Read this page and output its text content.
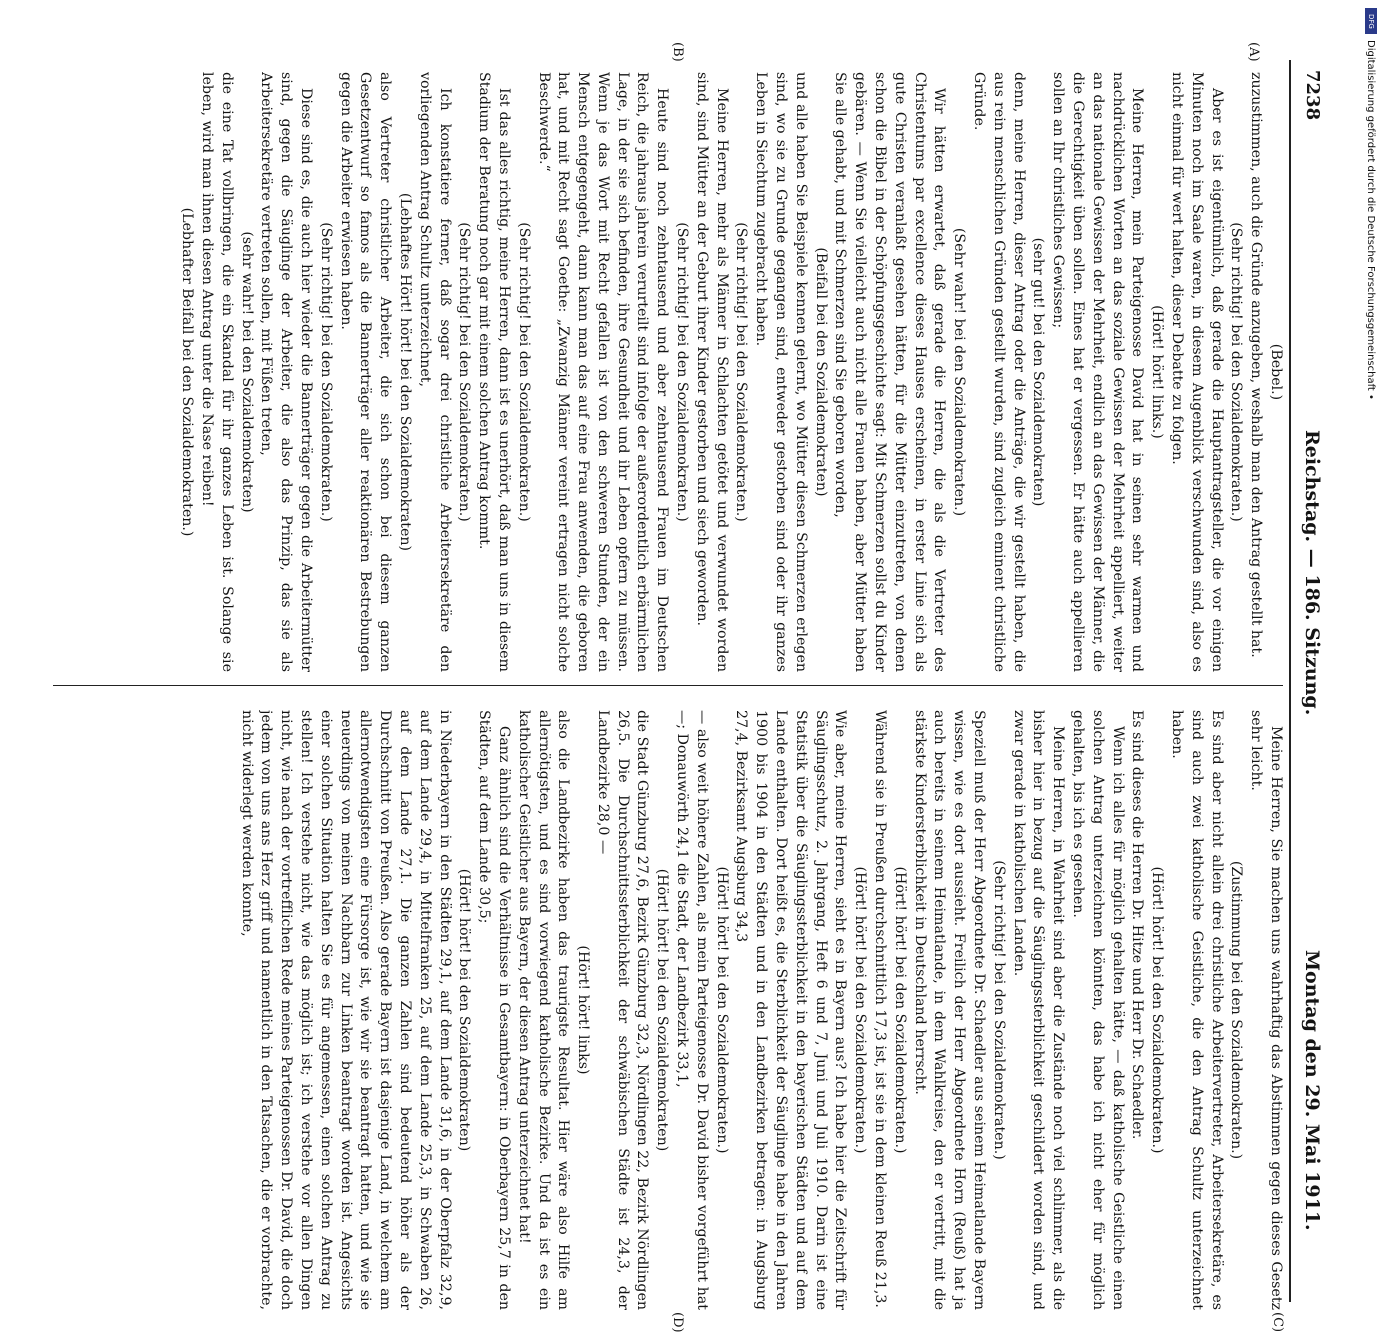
7238
Reichstag. — 186. Sitzung.
Montag den 29. Mai 1911.
(A)
(B)
(C)
(D)

(Bebel.)

zuzustimmen, auch die Gründe anzugeben, weshalb man den Antrag gestellt hat.

(Sehr richtig! bei den Sozialdemokraten.)

Aber es ist eigentümlich, daß gerade die Hauptantragsteller, die vor einigen Minuten noch im Saale waren, in diesem Augenblick verschwunden sind, also es nicht einmal für wert halten, dieser Debatte zu folgen.

(Hört! hört! links.)

Meine Herren, mein Parteigenosse David hat in seinen sehr warmen und nachdrücklichen Worten an das soziale Gewissen der Mehrheit appelliert, weiter an das nationale Gewissen der Mehrheit, endlich an das Gewissen der Männer, die die Gerechtigkeit üben sollen. Eines hat er vergessen. Er hätte auch appellieren sollen an Ihr christliches Gewissen;

(sehr gut! bei den Sozialdemokraten)

denn, meine Herren, dieser Antrag oder die Anträge, die wir gestellt haben, die aus rein menschlichen Gründen gestellt wurden, sind zugleich eminent christliche Gründe.

(Sehr wahr! bei den Sozialdemokraten.)

Wir hätten erwartet, daß gerade die Herren, die als die Vertreter des Christentums par excellence dieses Hauses erscheinen, in erster Linie sich als gute Christen veranlaßt gesehen hätten, für die Mütter einzutreten, von denen schon die Bibel in der Schöpfungsgeschichte sagt: Mit Schmerzen sollst du Kinder gebären. — Wenn Sie vielleicht auch nicht alle Frauen haben, aber Mütter haben Sie alle gehabt, und mit Schmerzen sind Sie geboren worden,

(Beifall bei den Sozialdemokraten)

und alle haben Sie Beispiele kennen gelernt, wo Mütter diesen Schmerzen erlegen sind, wo sie zu Grunde gegangen sind, entweder gestorben sind oder ihr ganzes Leben in Siechtum zugebracht haben.

(Sehr richtig! bei den Sozialdemokraten.)

Meine Herren, mehr als Männer in Schlachten getötet und verwundet worden sind, sind Mütter an der Geburt ihrer Kinder gestorben und siech geworden.

(Sehr richtig! bei den Sozialdemokraten.)

Heute sind noch zehntausend und aber zehntausend Frauen im Deutschen Reich, die jahraus jahrein verurteilt sind infolge der außerordentlich erbärmlichen Lage, in der sie sich befinden, ihre Gesundheit und ihr Leben opfern zu müssen. Wenn je das Wort mit Recht gefallen ist von den schweren Stunden, der ein Mensch entgegengeht, dann kann man das auf eine Frau anwenden, die geboren hat, und mit Recht sagt Goethe: „Zwanzig Männer vereint ertragen nicht solche Beschwerde.“

(Sehr richtig! bei den Sozialdemokraten.)

Ist das alles richtig, meine Herren, dann ist es unerhört, daß man uns in diesem Stadium der Beratung noch gar mit einem solchen Antrag kommt.

(Sehr richtig! bei den Sozialdemokraten.)

Ich konstatiere ferner, daß sogar drei christliche Arbeitersekretäre den vorliegenden Antrag Schultz unterzeichnet,

(Lebhaftes Hört! hört! bei den Sozialdemokraten)

also Vertreter christlicher Arbeiter, die sich schon bei diesem ganzen Gesetzentwurf so famos als die Bannerträger aller reaktionären Bestrebungen gegen die Arbeiter erwiesen haben.

(Sehr richtig! bei den Sozialdemokraten.)

Diese sind es, die auch hier wieder die Bannerträger gegen die Arbeitermütter sind, gegen die Säuglinge der Arbeiter, die also das Prinzip, das sie als Arbeitersekretäre vertreten sollen, mit Füßen treten,

(sehr wahr! bei den Sozialdemokraten)

die eine Tat vollbringen, die ein Skandal für ihr ganzes Leben ist. Solange sie leben, wird man ihnen diesen Antrag unter die Nase reiben!

(Lebhafter Beifall bei den Sozialdemokraten.)

Meine Herren, Sie machen uns wahrhaftig das Abstimmen gegen dieses Gesetz sehr leicht.

(Zustimmung bei den Sozialdemokraten.)

Es sind aber nicht allein drei christliche Arbeitervertreter, Arbeitersekretäre, es sind auch zwei katholische Geistliche, die den Antrag Schultz unterzeichnet haben.

(Hört! hört! bei den Sozialdemokraten.)

Es sind dieses die Herren Dr. Hitze und Herr Dr. Schaedler.

Wenn ich alles für möglich gehalten hätte, — daß katholische Geistliche einen solchen Antrag unterzeichnen könnten, das habe ich nicht eher für möglich gehalten, bis ich es gesehen.

Meine Herren, in Wahrheit sind aber die Zustände noch viel schlimmer, als die bisher hier in bezug auf die Säuglingssterblichkeit geschildert worden sind, und zwar gerade in katholischen Landen.

(Sehr richtig! bei den Sozialdemokraten.)

Speziell muß der Herr Abgeordnete Dr. Schaedler aus seinem Heimatlande Bayern wissen, wie es dort aussieht. Freilich der Herr Abgeordnete Horn (Reuß) hat ja auch bereits in seinem Heimatlande, in dem Wahlkreise, den er vertritt, mit die stärkste Kindersterblichkeit in Deutschland herrscht.

(Hört! hört! bei den Sozialdemokraten.)

Während sie in Preußen durchschnittlich 17,3 ist, ist sie in dem kleinen Reuß 21,3.

(Hört! hört! bei den Sozialdemokraten.)

Wie aber, meine Herren, sieht es in Bayern aus? Ich habe hier die Zeitschrift für Säuglingsschutz, 2. Jahrgang, Heft 6 und 7, Juni und Juli 1910. Darin ist eine Statistik über die Säuglingssterblichkeit in den bayerischen Städten und auf dem Lande enthalten. Dort heißt es, die Sterblichkeit der Säuglinge habe in den Jahren 1900 bis 1904 in den Städten und in den Landbezirken betragen: in Augsburg 27,4, Bezirksamt Augsburg 34,3

(Hört! hört! bei den Sozialdemokraten.)

— also weit höhere Zahlen, als mein Parteigenosse Dr. David bisher vorgeführt hat —; Donauwörth 24,1 die Stadt, der Landbezirk 33,1,

(Hört! hört! bei den Sozialdemokraten)

die Stadt Günzburg 27,6, Bezirk Günzburg 32,3, Nördlingen 22, Bezirk Nördlingen 26,5. Die Durchschnittssterblichkeit der schwäbischen Städte ist 24,3, der Landbezirke 28,0 —

(Hört! hört! links)

also die Landbezirke haben das traurigste Resultat. Hier wäre also Hilfe am allernötigsten, und es sind vorwiegend katholische Bezirke. Und da ist es ein katholischer Geistlicher aus Bayern, der diesen Antrag unterzeichnet hat!

Ganz ähnlich sind die Verhältnisse in Gesamtbayern: in Oberbayern 25,7 in den Städten, auf dem Lande 30,5;

(Hört! hört! bei den Sozialdemokraten)

in Niederbayern in den Städten 29,1, auf dem Lande 31,6, in der Oberpfalz 32,9, auf dem Lande 29,4, in Mittelfranken 25, auf dem Lande 25,3, in Schwaben 26, auf dem Lande 27,1. Die ganzen Zahlen sind bedeutend höher als der Durchschnitt von Preußen. Also gerade Bayern ist dasjenige Land, in welchem am allernotwendigsten eine Fürsorge ist, wie wir sie beantragt hatten, und wie sie neuerdings von meinen Nachbarn zur Linken beantragt worden ist. Angesichts einer solchen Situation halten Sie es für angemessen, einen solchen Antrag zu stellen! Ich verstehe nicht, wie das möglich ist; ich verstehe vor allen Dingen nicht, wie nach der vortrefflichen Rede meines Parteigenossen Dr. David, die doch jedem von uns ans Herz griff und namentlich in den Tatsachen, die er vorbrachte, nicht widerlegt werden konnte,

DFG
Digitalisierung gefördert durch die Deutsche Forschungsgemeinschaft •
